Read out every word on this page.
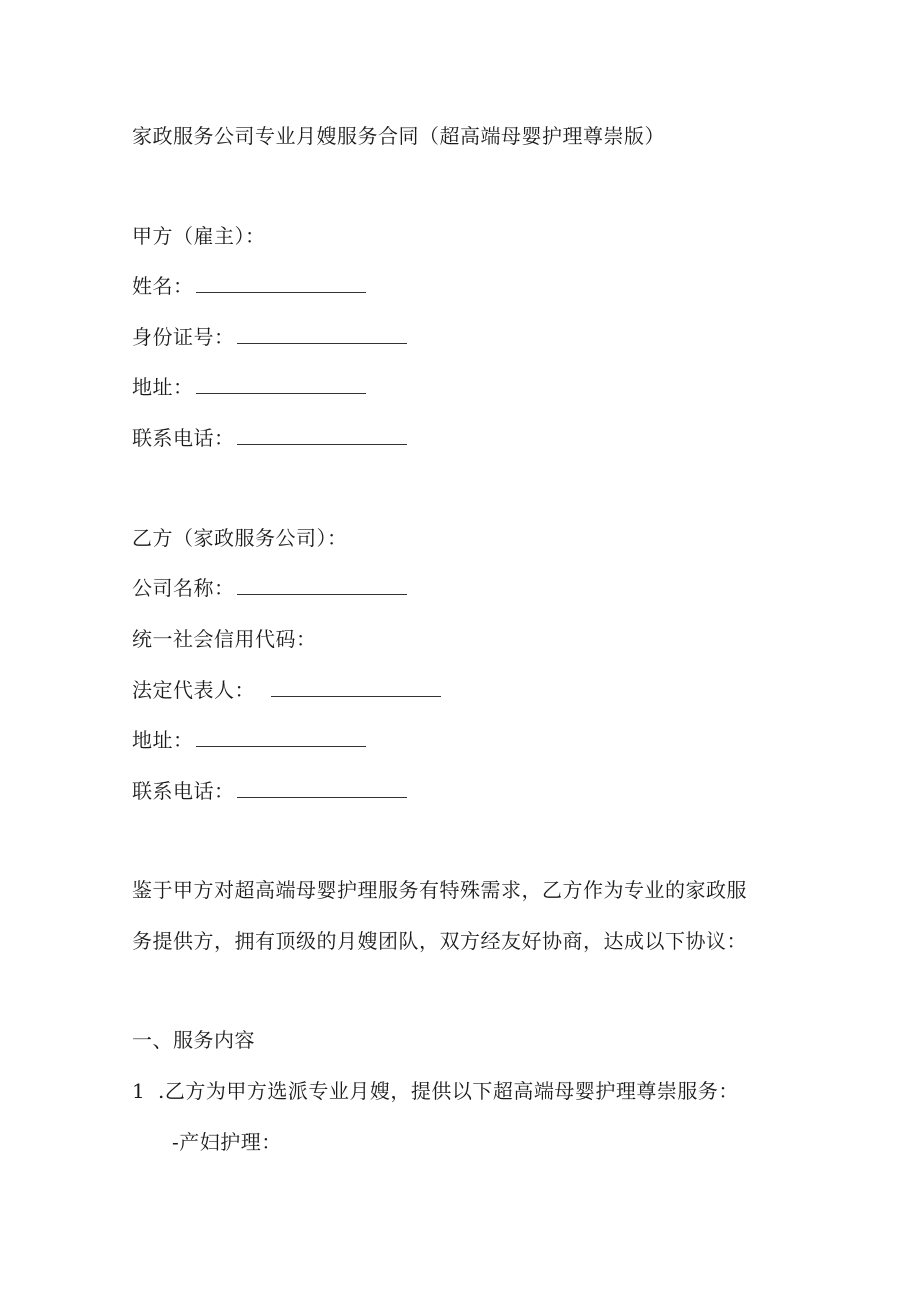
家政服务公司专业月嫂服务合同（超高端母婴护理尊崇版）
甲方（雇主）：
姓名：
身份证号：
地址：
联系电话：
乙方（家政服务公司）：
公司名称：
统一社会信用代码：
法定代表人：
地址：
联系电话：
鉴于甲方对超高端母婴护理服务有特殊需求，乙方作为专业的家政服
务提供方，拥有顶级的月嫂团队，双方经友好协商，达成以下协议：
一、服务内容
1 .乙方为甲方选派专业月嫂，提供以下超高端母婴护理尊崇服务：
-产妇护理：
